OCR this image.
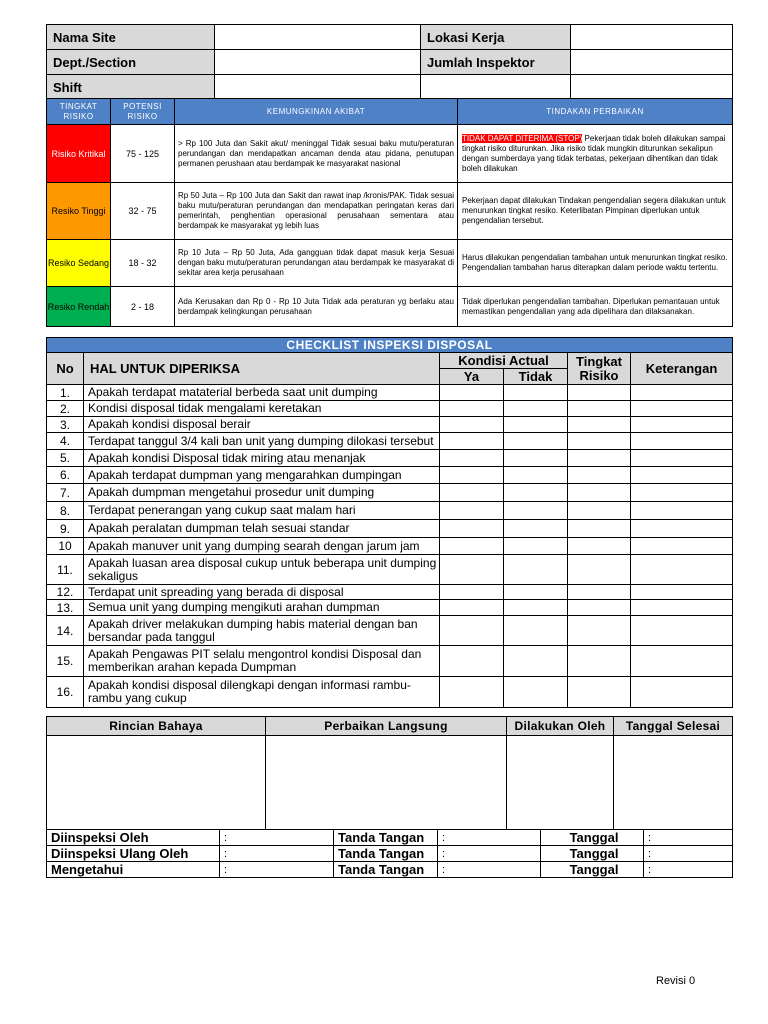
Nama Site		Lokasi Kerja	
Dept./Section		Jumlah Inspektor	
Shift			
TINGKAT RISIKO	POTENSI RISIKO	KEMUNGKINAN AKIBAT	TINDAKAN PERBAIKAN
Risiko Kritikal	75 - 125	> Rp 100 Juta dan Sakit akut/ meninggal Tidak sesuai baku mutu/peraturan perundangan dan mendapatkan ancaman denda atau pidana, penutupan permanen perushaan atau berdampak ke masyarakat nasional	TIDAK DAPAT DITERIMA (STOP) Pekerjaan tidak boleh dilakukan sampai tingkat risiko diturunkan. Jika risiko tidak mungkin diturunkan sekalipun dengan sumberdaya yang tidak terbatas, pekerjaan dihentikan dan tidak boleh dilakukan
Resiko Tinggi	32 - 75	Rp 50 Juta – Rp 100 Juta dan Sakit dan rawat inap /kronis/PAK. Tidak sesuai baku mutu/peraturan perundangan dan mendapatkan peringatan keras dari pemerintah, penghentian operasional perusahaan sementara atau berdampak ke masyarakat yg lebih luas	Pekerjaan dapat dilakukan Tindakan pengendalian segera dilakukan untuk menurunkan tingkat resiko. Keterlibatan Pimpinan diperlukan untuk pengendalian tersebut.
Resiko Sedang	18 - 32	Rp 10 Juta – Rp 50 Juta, Ada gangguan tidak dapat masuk kerja Sesuai dengan baku mutu/peraturan perundangan atau berdampak ke masyarakat di sekitar area kerja perusahaan	Harus dilakukan pengendalian tambahan untuk menurunkan tingkat resiko. Pengendalian tambahan harus diterapkan dalam periode waktu tertentu.
Resiko Rendah	2 - 18	Ada Kerusakan dan Rp 0 - Rp 10 Juta Tidak ada peraturan yg berlaku atau berdampak kelingkungan perusahaan	Tidak diperlukan pengendalian tambahan. Diperlukan pemantauan untuk memastikan pengendalian yang ada dipelihara dan dilaksanakan.
CHECKLIST INSPEKSI DISPOSAL					
No	HAL UNTUK DIPERIKSA	Kondisi Actual		Tingkat Risiko	Keterangan
		Ya	Tidak		
1.	Apakah terdapat mataterial berbeda saat unit dumping				
2.	Kondisi disposal tidak mengalami keretakan				
3.	Apakah kondisi disposal berair				
4.	Terdapat tanggul 3/4 kali ban unit yang dumping dilokasi tersebut				
5.	Apakah kondisi Disposal tidak miring atau menanjak				
6.	Apakah terdapat dumpman yang mengarahkan dumpingan				
7.	Apakah dumpman mengetahui prosedur unit dumping				
8.	Terdapat penerangan yang cukup saat malam hari				
9.	Apakah peralatan dumpman telah sesuai standar				
10	Apakah manuver unit yang dumping searah dengan jarum jam				
11.	Apakah luasan area disposal cukup untuk beberapa unit dumping sekaligus				
12.	Terdapat unit spreading yang berada di disposal				
13.	Semua unit yang dumping mengikuti arahan dumpman				
14.	Apakah driver melakukan dumping habis material dengan ban bersandar pada tanggul				
15.	Apakah Pengawas PIT selalu mengontrol kondisi Disposal dan memberikan arahan kepada Dumpman				
16.	Apakah kondisi disposal dilengkapi dengan informasi rambu-rambu yang cukup				
Rincian Bahaya	Perbaikan Langsung	Dilakukan Oleh	Tanggal Selesai

Diinspeksi Oleh	:	Tanda Tangan	:	Tanggal	:
Diinspeksi Ulang Oleh	:	Tanda Tangan	:	Tanggal	:
Mengetahui	:	Tanda Tangan	:	Tanggal	:
Revisi 0
